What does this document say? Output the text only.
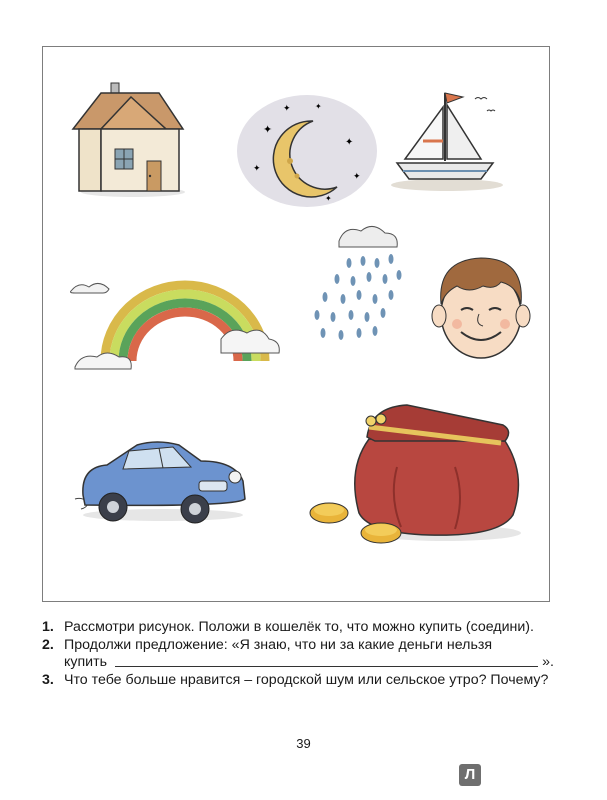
✦
✦	✦
✦
✦
✦
✦
1. Рассмотри рисунок. Положи в кошелёк то, что можно купить (соедини).
2. Продолжи предложение: «Я знаю, что ни за какие деньги нельзя
купить	».
3. Что тебе больше нравится – городской шум или сельское утро? Почему?
39
Л
